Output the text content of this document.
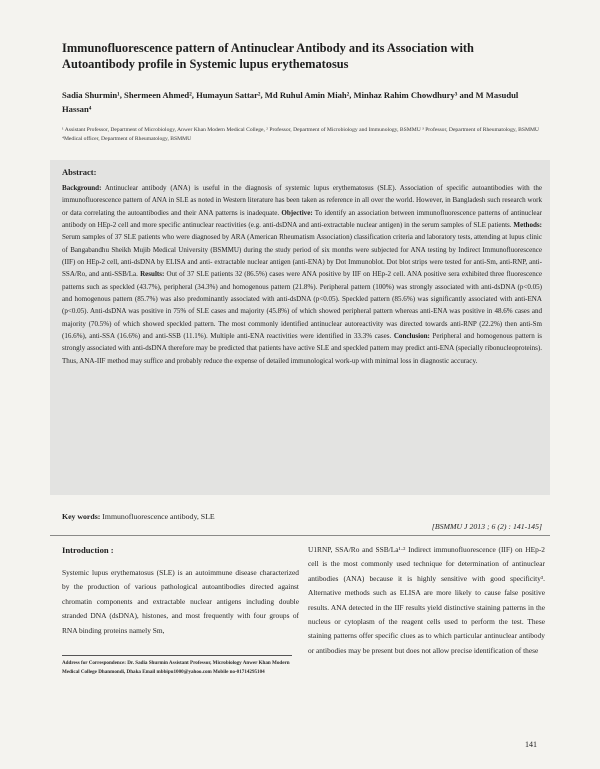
Immunofluorescence pattern of Antinuclear Antibody and its Association with Autoantibody profile in Systemic lupus erythematosus

Sadia Shurmin¹, Shermeen Ahmed², Humayun Sattar², Md Ruhul Amin Miah², Minhaz Rahim Chowdhury³ and M Masudul Hassan⁴

¹ Assistant Professor, Department of Microbiology, Anwer Khan Modern Medical College, ² Professor, Department of Microbiology and Immunology, BSMMU ³ Professor, Department of Rheumatology, BSMMU ⁴Medical officer, Department of Rheumatology, BSMMU

Abstract:

Background: Antinuclear antibody (ANA) is useful in the diagnosis of systemic lupus erythematosus (SLE). Association of specific autoantibodies with the immunofluorescence pattern of ANA in SLE as noted in Western literature has been taken as reference in all over the world. However, in Bangladesh such research work or data correlating the autoantibodies and their ANA patterns is inadequate. Objective: To identify an association between immunofluorescence patterns of antinuclear antibody on HEp-2 cell and more specific antinuclear reactivities (e.g. anti-dsDNA and anti-extractable nuclear antigen) in the serum samples of SLE patients. Methods: Serum samples of 37 SLE patients who were diagnosed by ARA (American Rheumatism Association) classification criteria and laboratory tests, attending at lupus clinic of Bangabandhu Sheikh Mujib Medical University (BSMMU) during the study period of six months were subjected for ANA testing by Indirect Immunofluorescence (IIF) on HEp-2 cell, anti-dsDNA by ELISA and anti- extractable nuclear antigen (anti-ENA) by Dot Immunoblot. Dot blot strips were tested for anti-Sm, anti-RNP, anti-SSA/Ro, and anti-SSB/La. Results: Out of 37 SLE patients 32 (86.5%) cases were ANA positive by IIF on HEp-2 cell. ANA positive sera exhibited three fluorescence patterns such as speckled (43.7%), peripheral (34.3%) and homogenous pattern (21.8%). Peripheral pattern (100%) was strongly associated with anti-dsDNA (p<0.05) and homogenous pattern (85.7%) was also predominantly associated with anti-dsDNA (p<0.05). Speckled pattern (85.6%) was significantly associated with anti-ENA (p<0.05). Anti-dsDNA was positive in 75% of SLE cases and majority (45.8%) of which showed peripheral pattern whereas anti-ENA was positive in 48.6% cases and majority (70.5%) of which showed speckled pattern. The most commonly identified antinuclear autoreactivity was directed towards anti-RNP (22.2%) then anti-Sm (16.6%), anti-SSA (16.6%) and anti-SSB (11.1%). Multiple anti-ENA reactivities were identified in 33.3% cases. Conclusion: Peripheral and homogenous pattern is strongly associated with anti-dsDNA therefore may be predicted that patients have active SLE and speckled pattern may predict anti-ENA (specially ribonucleoproteins). Thus, ANA-IIF method may suffice and probably reduce the expense of detailed immunological work-up with minimal loss in diagnostic accuracy.

Key words: Immunofluorescence antibody, SLE

[BSMMU J 2013 ; 6 (2) : 141-145]

Introduction :

Systemic lupus erythematosus (SLE) is an autoimmune disease characterized by the production of various pathological autoantibodies directed against chromatin components and extractable nuclear antigens including double stranded DNA (dsDNA), histones, and most frequently with four groups of RNA binding proteins namely Sm,

U1RNP, SSA/Ro and SSB/La¹·² Indirect immunofluorescence (IIF) on HEp-2 cell is the most commonly used technique for determination of antinuclear antibodies (ANA) because it is highly sensitive with good specificity³. Alternative methods such as ELISA are more likely to cause false positive results. ANA detected in the IIF results yield distinctive staining patterns in the nucleus or cytoplasm of the reagent cells used to perform the test. These staining patterns offer specific clues as to which particular antinuclear antibody or antibodies may be present but does not allow precise identification of these

Address for Correspondence: Dr. Sadia Shurmin Assistant Professor, Microbiology Anwer Khan Modern Medical College Dhanmondi, Dhaka Email mbbipu1000@yahoo.com Mobile no-01714295104

141
